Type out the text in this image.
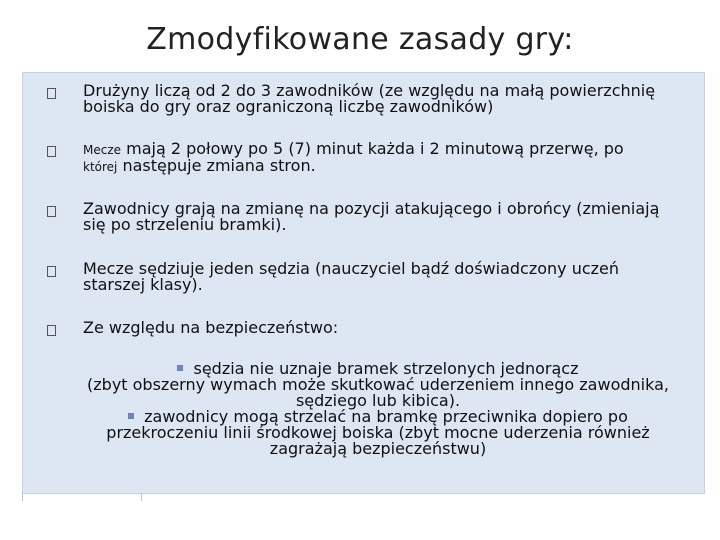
Zmodyfikowane zasady gry:
Drużyny liczą od 2 do 3 zawodników (ze względu na małą powierzchnię
boiska do gry oraz ograniczoną liczbę zawodników)
Mecze mają 2 połowy po 5 (7) minut każda i 2 minutową przerwę, po
której następuje zmiana stron.
Zawodnicy grają na zmianę na pozycji atakującego i obrońcy (zmieniają
się po strzeleniu bramki).
Mecze sędziuje jeden sędzia (nauczyciel bądź doświadczony uczeń
starszej klasy).
Ze względu na bezpieczeństwo:
sędzia nie uznaje bramek strzelonych jednorącz
(zbyt obszerny wymach może skutkować uderzeniem innego zawodnika,
sędziego lub kibica).
zawodnicy mogą strzelać na bramkę przeciwnika dopiero po
przekroczeniu linii środkowej boiska (zbyt mocne uderzenia również
zagrażają bezpieczeństwu)
